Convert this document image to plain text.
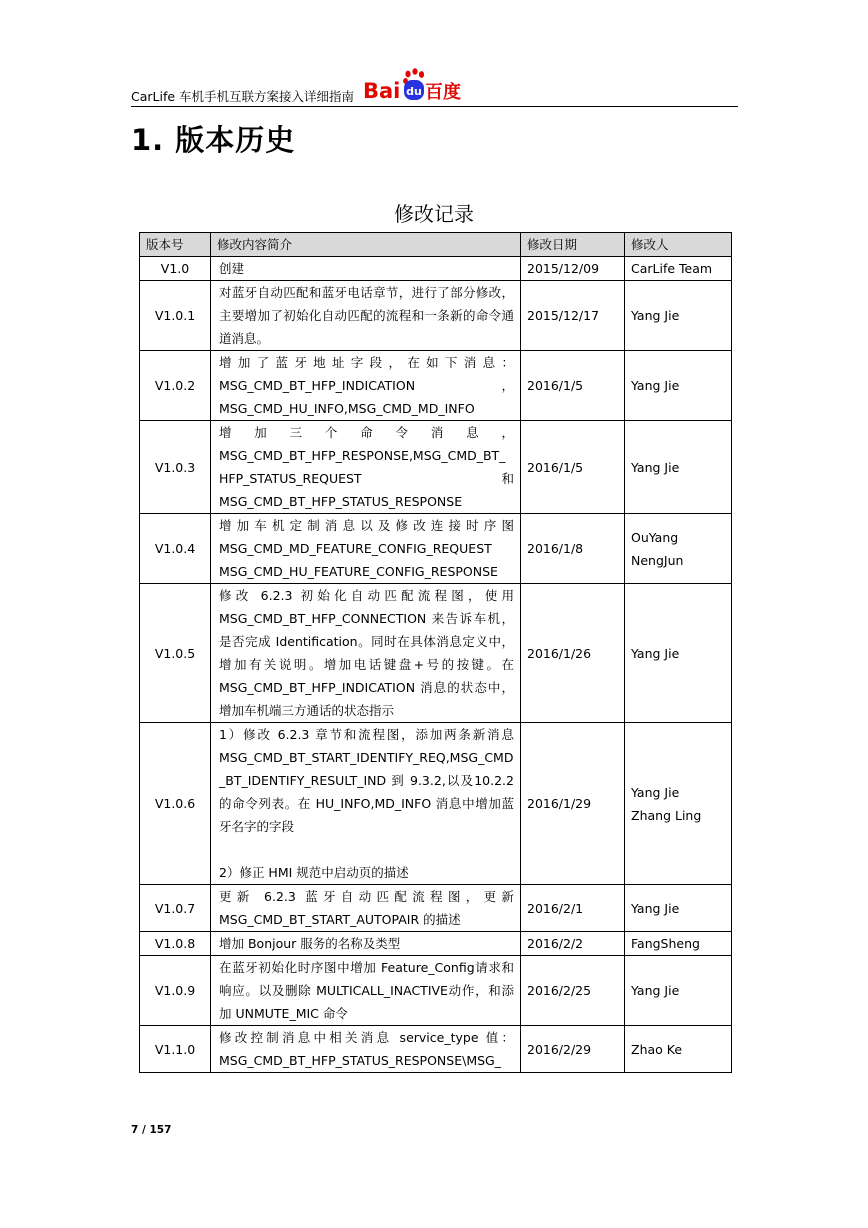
CarLife 车机手机互联方案接入详细指南 Bai du 百度
1. 版本历史
修改记录
版本号	修改内容简介	修改日期	修改人
V1.0	创建	2015/12/09	CarLife Team
V1.0.1	对蓝牙自动匹配和蓝牙电话章节，进行了部分修改，主要增加了初始化自动匹配的流程和一条新的命令通道消息。	2015/12/17	Yang Jie
V1.0.2	增加了蓝牙地址字段，在如下消息：MSG_CMD_BT_HFP_INDICATION，MSG_CMD_HU_INFO,MSG_CMD_MD_INFO	2016/1/5	Yang Jie
V1.0.3	增加三个命令消息，MSG_CMD_BT_HFP_RESPONSE,MSG_CMD_BT_HFP_STATUS_REQUEST 和MSG_CMD_BT_HFP_STATUS_RESPONSE	2016/1/5	Yang Jie
V1.0.4	增加车机定制消息以及修改连接时序图MSG_CMD_MD_FEATURE_CONFIG_REQUEST MSG_CMD_HU_FEATURE_CONFIG_RESPONSE	2016/1/8	OuYang
NengJun
V1.0.5	修改 6.2.3 初始化自动匹配流程图，使用MSG_CMD_BT_HFP_CONNECTION 来告诉车机，是否完成 Identification。同时在具体消息定义中，增加有关说明。增加电话键盘+号的按键。在 MSG_CMD_BT_HFP_INDICATION 消息的状态中，增加车机端三方通话的状态指示	2016/1/26	Yang Jie
V1.0.6	1）修改 6.2.3 章节和流程图，添加两条新消息MSG_CMD_BT_START_IDENTIFY_REQ,MSG_CMD_BT_IDENTIFY_RESULT_IND 到 9.3.2,以及10.2.2 的命令列表。在 HU_INFO,MD_INFO 消息中增加蓝牙名字的字段

2）修正 HMI 规范中启动页的描述	2016/1/29	Yang Jie
Zhang Ling
V1.0.7	更新 6.2.3 蓝牙自动匹配流程图，更新MSG_CMD_BT_START_AUTOPAIR 的描述	2016/2/1	Yang Jie
V1.0.8	增加 Bonjour 服务的名称及类型	2016/2/2	FangSheng
V1.0.9	在蓝牙初始化时序图中增加 Feature_Config请求和响应。以及删除 MULTICALL_INACTIVE动作，和添加 UNMUTE_MIC 命令	2016/2/25	Yang Jie
V1.1.0	修改控制消息中相关消息 service_type 值：MSG_CMD_BT_HFP_STATUS_RESPONSE\MSG_	2016/2/29	Zhao Ke
7 / 157
